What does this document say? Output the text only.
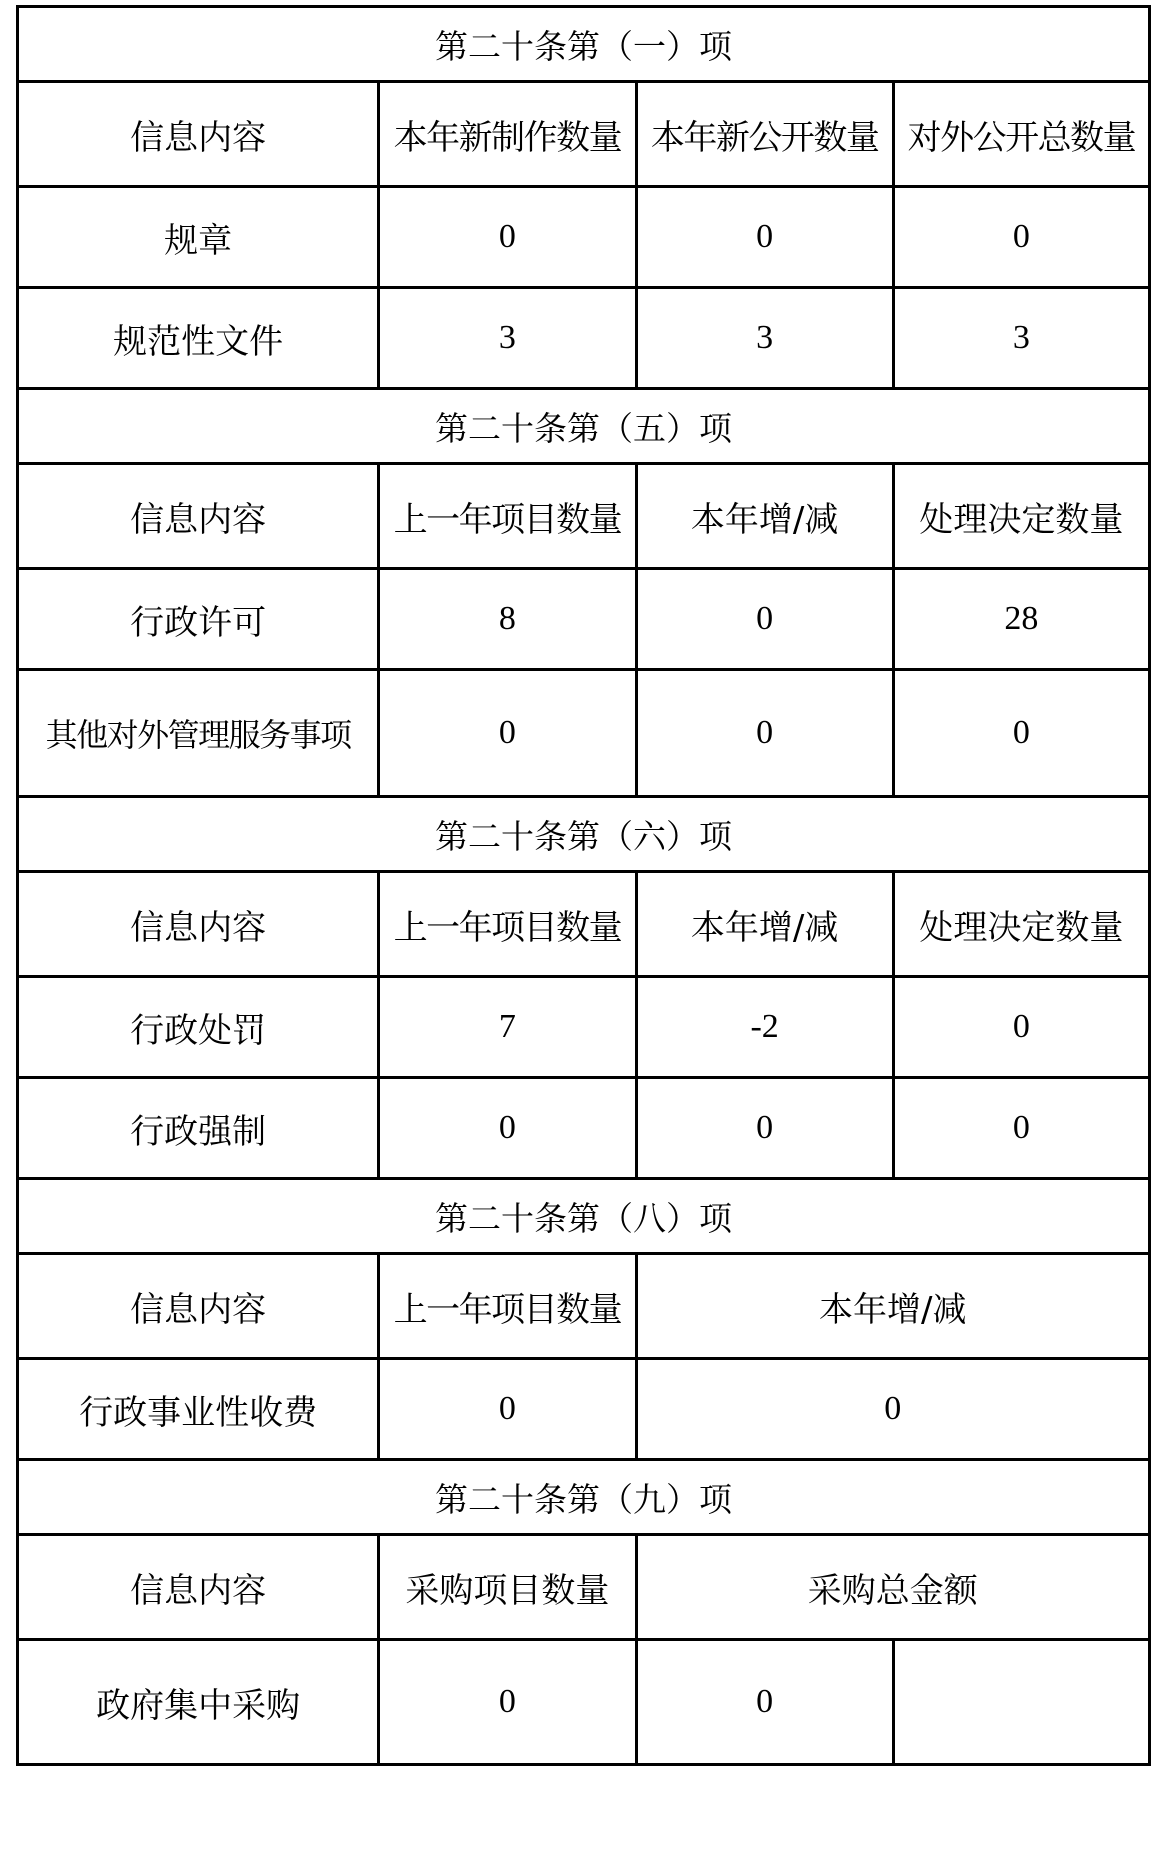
第二十条第（一）项			
信息内容	本年新制作数量	本年新公开数量	对外公开总数量
规章	0	0	0
规范性文件	3	3	3
第二十条第（五）项			
信息内容	上一年项目数量	本年增/减	处理决定数量
行政许可	8	0	28
其他对外管理服务事项	0	0	0
第二十条第（六）项			
信息内容	上一年项目数量	本年增/减	处理决定数量
行政处罚	7	-2	0
行政强制	0	0	0
第二十条第（八）项			
信息内容	上一年项目数量	本年增/减	
行政事业性收费	0	0	
第二十条第（九）项			
信息内容	采购项目数量	采购总金额	
政府集中采购	0	0	
